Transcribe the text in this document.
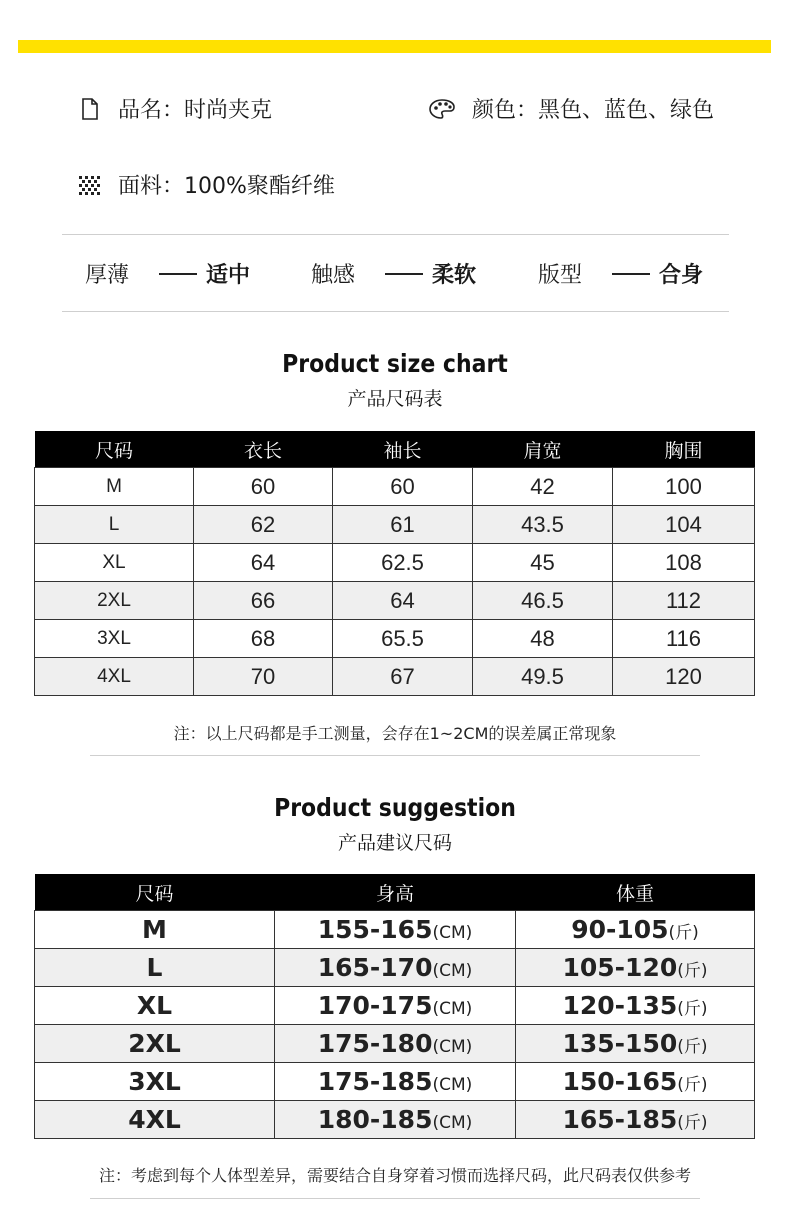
品名：时尚夹克	颜色：黑色、蓝色、绿色
面料：100%聚酯纤维
厚薄	适中	触感	柔软	版型	合身
Product size chart
产品尺码表
尺码	衣长	袖长	肩宽	胸围
M	60	60	42	100
L	62	61	43.5	104
XL	64	62.5	45	108
2XL	66	64	46.5	112
3XL	68	65.5	48	116
4XL	70	67	49.5	120
注：以上尺码都是手工测量，会存在1~2CM的误差属正常现象
Product suggestion
产品建议尺码
尺码	身高	体重
M	155-165(CM)	90-105(斤)
L	165-170(CM)	105-120(斤)
XL	170-175(CM)	120-135(斤)
2XL	175-180(CM)	135-150(斤)
3XL	175-185(CM)	150-165(斤)
4XL	180-185(CM)	165-185(斤)
注：考虑到每个人体型差异，需要结合自身穿着习惯而选择尺码，此尺码表仅供参考
